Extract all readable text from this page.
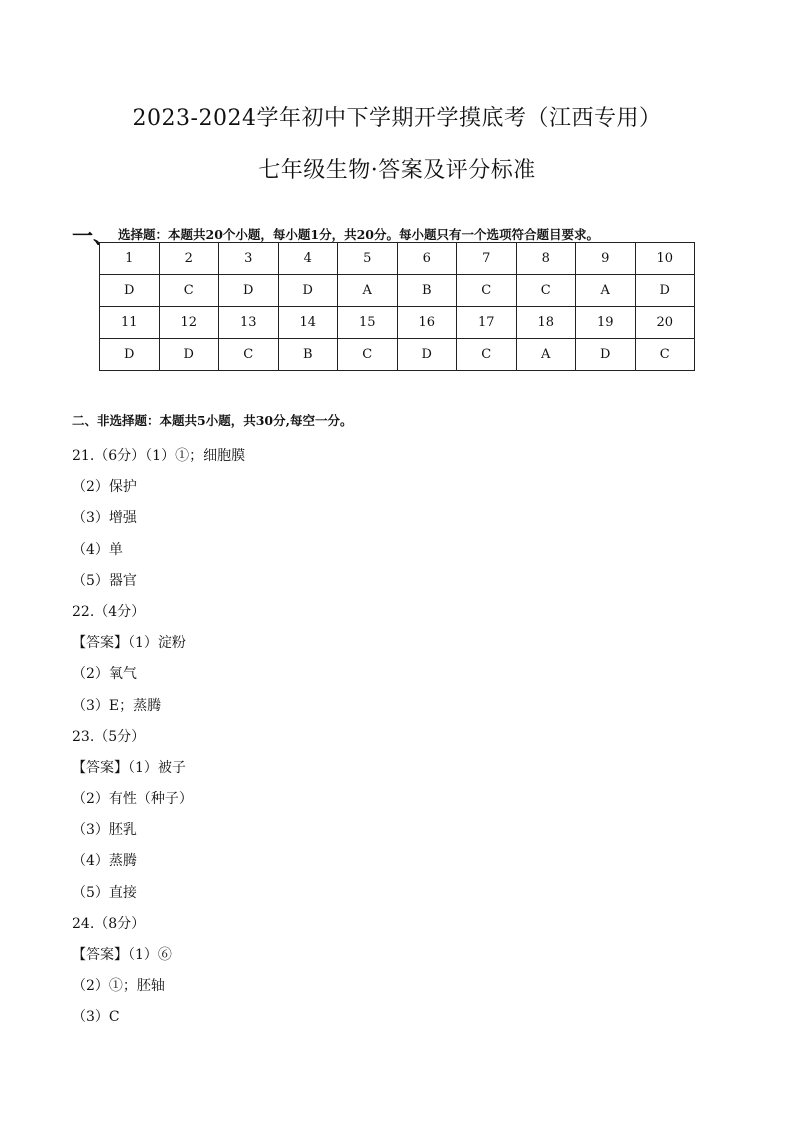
2023-2024学年初中下学期开学摸底考（江西专用）
七年级生物·答案及评分标准
一、 选择题：本题共20个小题，每小题1分，共20分。每小题只有一个选项符合题目要求。
1	2	3	4	5	6	7	8	9	10
D	C	D	D	A	B	C	C	A	D
11	12	13	14	15	16	17	18	19	20
D	D	C	B	C	D	C	A	D	C
二、非选择题：本题共5小题，共30分,每空一分。
21.（6分）（1）①；细胞膜
（2）保护
（3）增强
（4）单
（5）器官
22.（4分）
【答案】（1）淀粉
（2）氧气
（3）E；蒸腾
23.（5分）
【答案】（1）被子
（2）有性（种子）
（3）胚乳
（4）蒸腾
（5）直接
24.（8分）
【答案】（1）⑥
（2）①；胚轴
（3）C
